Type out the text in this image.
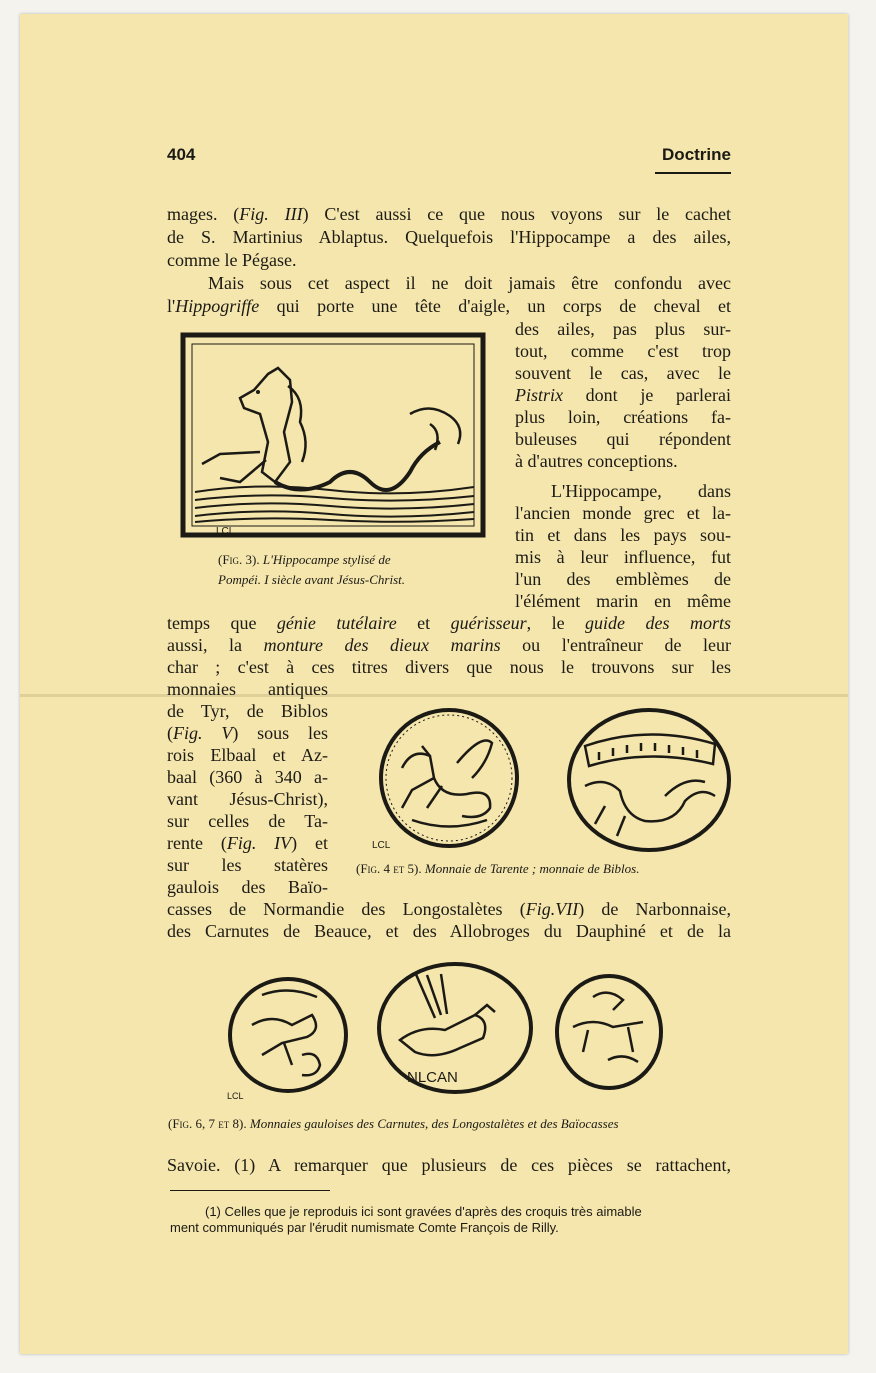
404	Doctrine
mages. (Fig. III) C'est aussi ce que nous voyons sur le cachet
de S. Martinius Ablaptus. Quelquefois l'Hippocampe a des ailes,
comme le Pégase.
Mais sous cet aspect il ne doit jamais être confondu avec
l'Hippogriffe qui porte une tête d'aigle, un corps de cheval et
des ailes, pas plus sur-
tout, comme c'est trop
souvent le cas, avec le
Pistrix dont je parlerai
plus loin, créations fa-
buleuses qui répondent
à d'autres conceptions.
L'Hippocampe, dans
l'ancien monde grec et la-
tin et dans les pays sou-
mis à leur influence, fut
l'un des emblèmes de
l'élément marin en même
LCL
(Fig. 3). L'Hippocampe stylisé de
Pompéi. I siècle avant Jésus-Christ.
temps que génie tutélaire et guérisseur, le guide des morts
aussi, la monture des dieux marins ou l'entraîneur de leur
char ; c'est à ces titres divers que nous le trouvons sur les
monnaies antiques
de Tyr, de Biblos
(Fig. V) sous les
rois Elbaal et Az-
baal (360 à 340 a-
vant Jésus-Christ),
sur celles de Ta-
rente (Fig. IV) et
sur les statères
gaulois des Baïo-
LCL
(Fig. 4 et 5). Monnaie de Tarente ; monnaie de Biblos.
casses de Normandie des Longostalètes (Fig.VII) de Narbonnaise,
des Carnutes de Beauce, et des Allobroges du Dauphiné et de la
LCL
NLCAN
(Fig. 6, 7 et 8). Monnaies gauloises des Carnutes, des Longostalètes et des Baïocasses
Savoie. (1) A remarquer que plusieurs de ces pièces se rattachent,
(1) Celles que je reproduis ici sont gravées d'après des croquis très aimable
ment communiqués par l'érudit numismate Comte François de Rilly.
